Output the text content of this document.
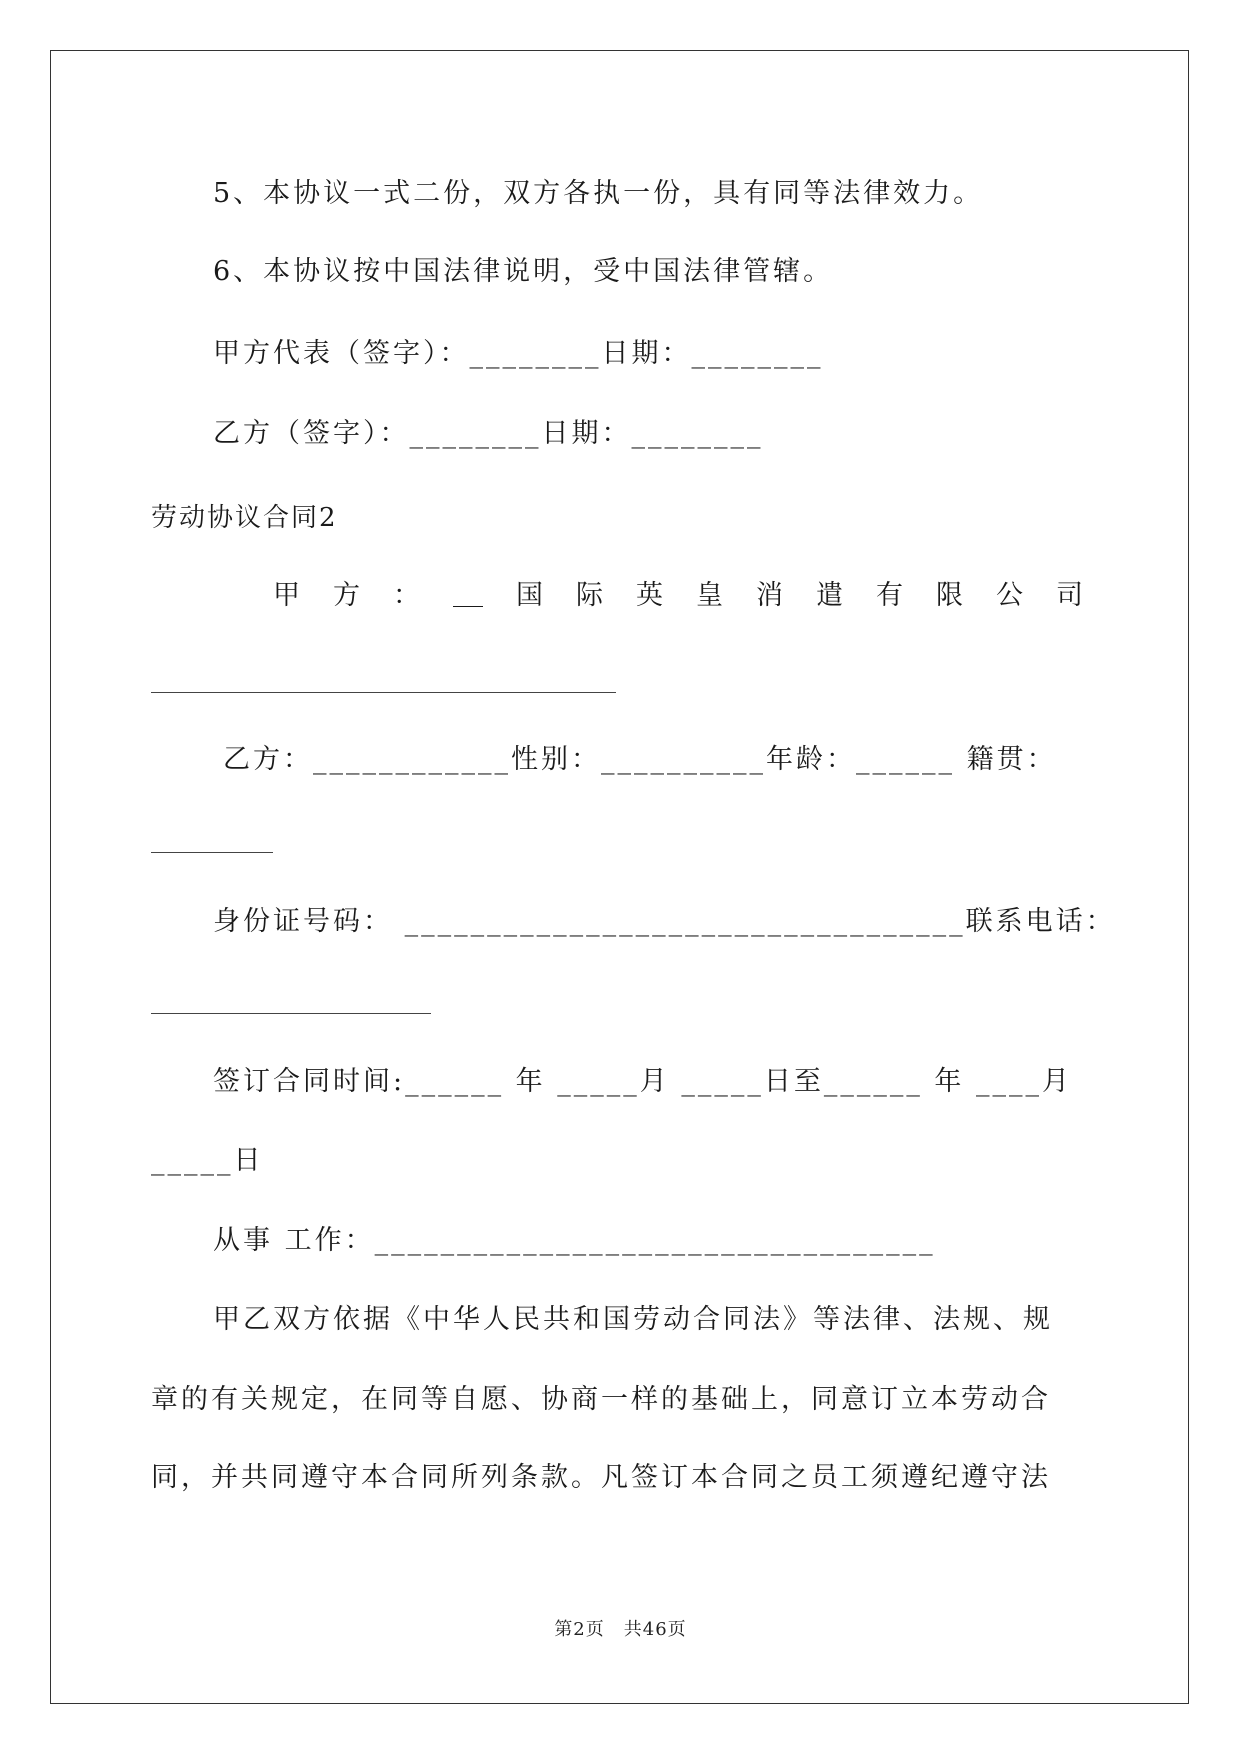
5、本协议一式二份，双方各执一份，具有同等法律效力。
6、本协议按中国法律说明，受中国法律管辖。
甲方代表（签字）：________日期：________
乙方（签字）：________日期：________
劳动协议合同2
甲 方 ：	国 际 英 皇 消 遣 有 限 公 司
乙方：____________性别：__________年龄：______ 籍贯：
身份证号码： __________________________________联系电话：
签订合同时间:______ 年 _____月 _____日至______ 年 ____月
_____日
从事 工作：__________________________________
甲乙双方依据《中华人民共和国劳动合同法》等法律、法规、规
章的有关规定，在同等自愿、协商一样的基础上，同意订立本劳动合
同，并共同遵守本合同所列条款。凡签订本合同之员工须遵纪遵守法
第2页　共46页
